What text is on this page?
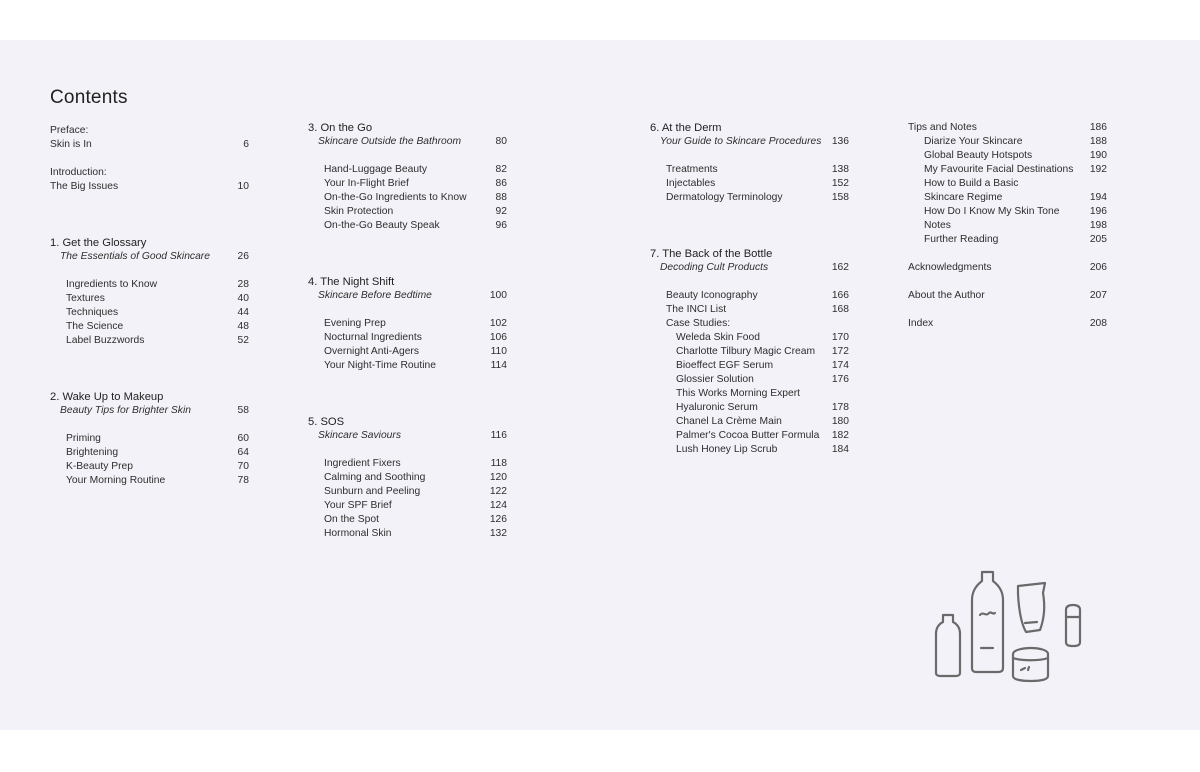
Contents
Preface:
Skin is In	6
Introduction:
The Big Issues	10
1. Get the Glossary
The Essentials of Good Skincare	26
Ingredients to Know	28
Textures	40
Techniques	44
The Science	48
Label Buzzwords	52
2. Wake Up to Makeup
Beauty Tips for Brighter Skin	58
Priming	60
Brightening	64
K-Beauty Prep	70
Your Morning Routine	78
3. On the Go
Skincare Outside the Bathroom	80
Hand-Luggage Beauty	82
Your In-Flight Brief	86
On-the-Go Ingredients to Know	88
Skin Protection	92
On-the-Go Beauty Speak	96
4. The Night Shift
Skincare Before Bedtime	100
Evening Prep	102
Nocturnal Ingredients	106
Overnight Anti-Agers	110
Your Night-Time Routine	114
5. SOS
Skincare Saviours	116
Ingredient Fixers	118
Calming and Soothing	120
Sunburn and Peeling	122
Your SPF Brief	124
On the Spot	126
Hormonal Skin	132
6. At the Derm
Your Guide to Skincare Procedures 136
Treatments	138
Injectables	152
Dermatology Terminology	158
7. The Back of the Bottle
Decoding Cult Products	162
Beauty Iconography	166
The INCI List	168
Case Studies:
Weleda Skin Food	170
Charlotte Tilbury Magic Cream 172
Bioeffect EGF Serum	174
Glossier Solution	176
This Works Morning Expert
Hyaluronic Serum	178
Chanel La Crème Main	180
Palmer's Cocoa Butter Formula 182
Lush Honey Lip Scrub	184
Tips and Notes	186
Diarize Your Skincare	188
Global Beauty Hotspots	190
My Favourite Facial Destinations 192
How to Build a Basic
Skincare Regime	194
How Do I Know My Skin Tone	196
Notes	198
Further Reading	205
Acknowledgments	206
About the Author	207
Index	208
